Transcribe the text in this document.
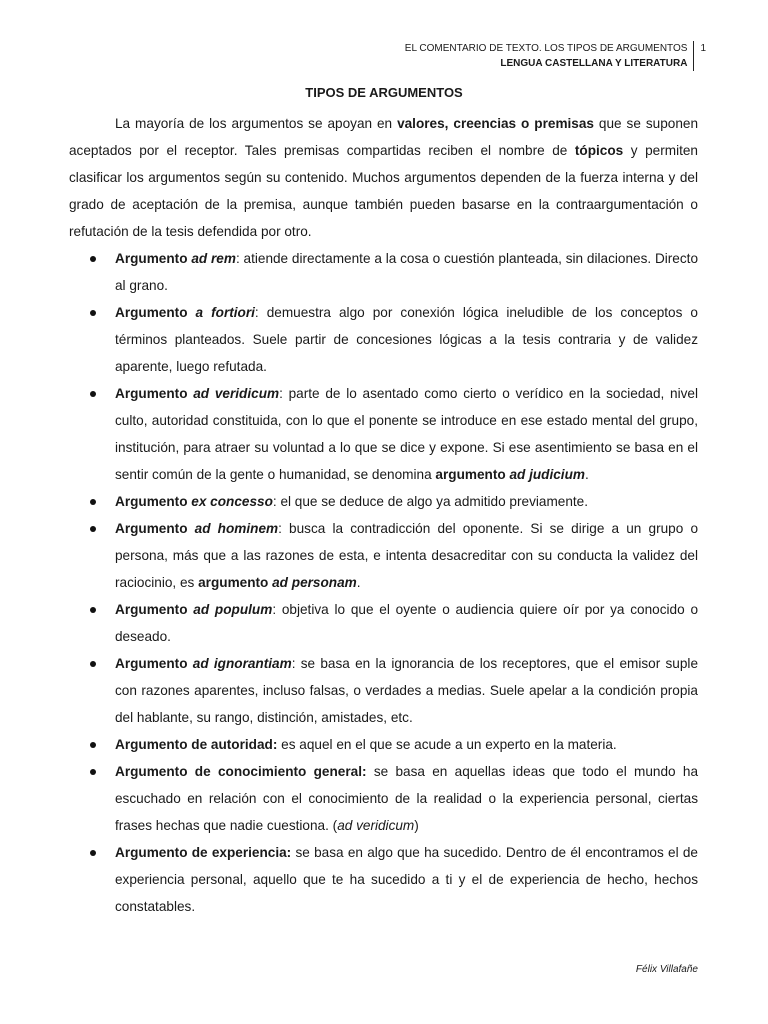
EL COMENTARIO DE TEXTO. LOS TIPOS DE ARGUMENTOS
LENGUA CASTELLANA Y LITERATURA
1
TIPOS DE ARGUMENTOS

La mayoría de los argumentos se apoyan en valores, creencias o premisas que se suponen aceptados por el receptor. Tales premisas compartidas reciben el nombre de tópicos y permiten clasificar los argumentos según su contenido. Muchos argumentos dependen de la fuerza interna y del grado de aceptación de la premisa, aunque también pueden basarse en la contraargumentación o refutación de la tesis defendida por otro.

Argumento ad rem: atiende directamente a la cosa o cuestión planteada, sin dilaciones. Directo al grano.
Argumento a fortiori: demuestra algo por conexión lógica ineludible de los conceptos o términos planteados. Suele partir de concesiones lógicas a la tesis contraria y de validez aparente, luego refutada.
Argumento ad veridicum: parte de lo asentado como cierto o verídico en la sociedad, nivel culto, autoridad constituida, con lo que el ponente se introduce en ese estado mental del grupo, institución, para atraer su voluntad a lo que se dice y expone. Si ese asentimiento se basa en el sentir común de la gente o humanidad, se denomina argumento ad judicium.
Argumento ex concesso: el que se deduce de algo ya admitido previamente.
Argumento ad hominem: busca la contradicción del oponente. Si se dirige a un grupo o persona, más que a las razones de esta, e intenta desacreditar con su conducta la validez del raciocinio, es argumento ad personam.
Argumento ad populum: objetiva lo que el oyente o audiencia quiere oír por ya conocido o deseado.
Argumento ad ignorantiam: se basa en la ignorancia de los receptores, que el emisor suple con razones aparentes, incluso falsas, o verdades a medias. Suele apelar a la condición propia del hablante, su rango, distinción, amistades, etc.
Argumento de autoridad: es aquel en el que se acude a un experto en la materia.
Argumento de conocimiento general: se basa en aquellas ideas que todo el mundo ha escuchado en relación con el conocimiento de la realidad o la experiencia personal, ciertas frases hechas que nadie cuestiona. (ad veridicum)
Argumento de experiencia: se basa en algo que ha sucedido. Dentro de él encontramos el de experiencia personal, aquello que te ha sucedido a ti y el de experiencia de hecho, hechos constatables.
Félix Villafañe
